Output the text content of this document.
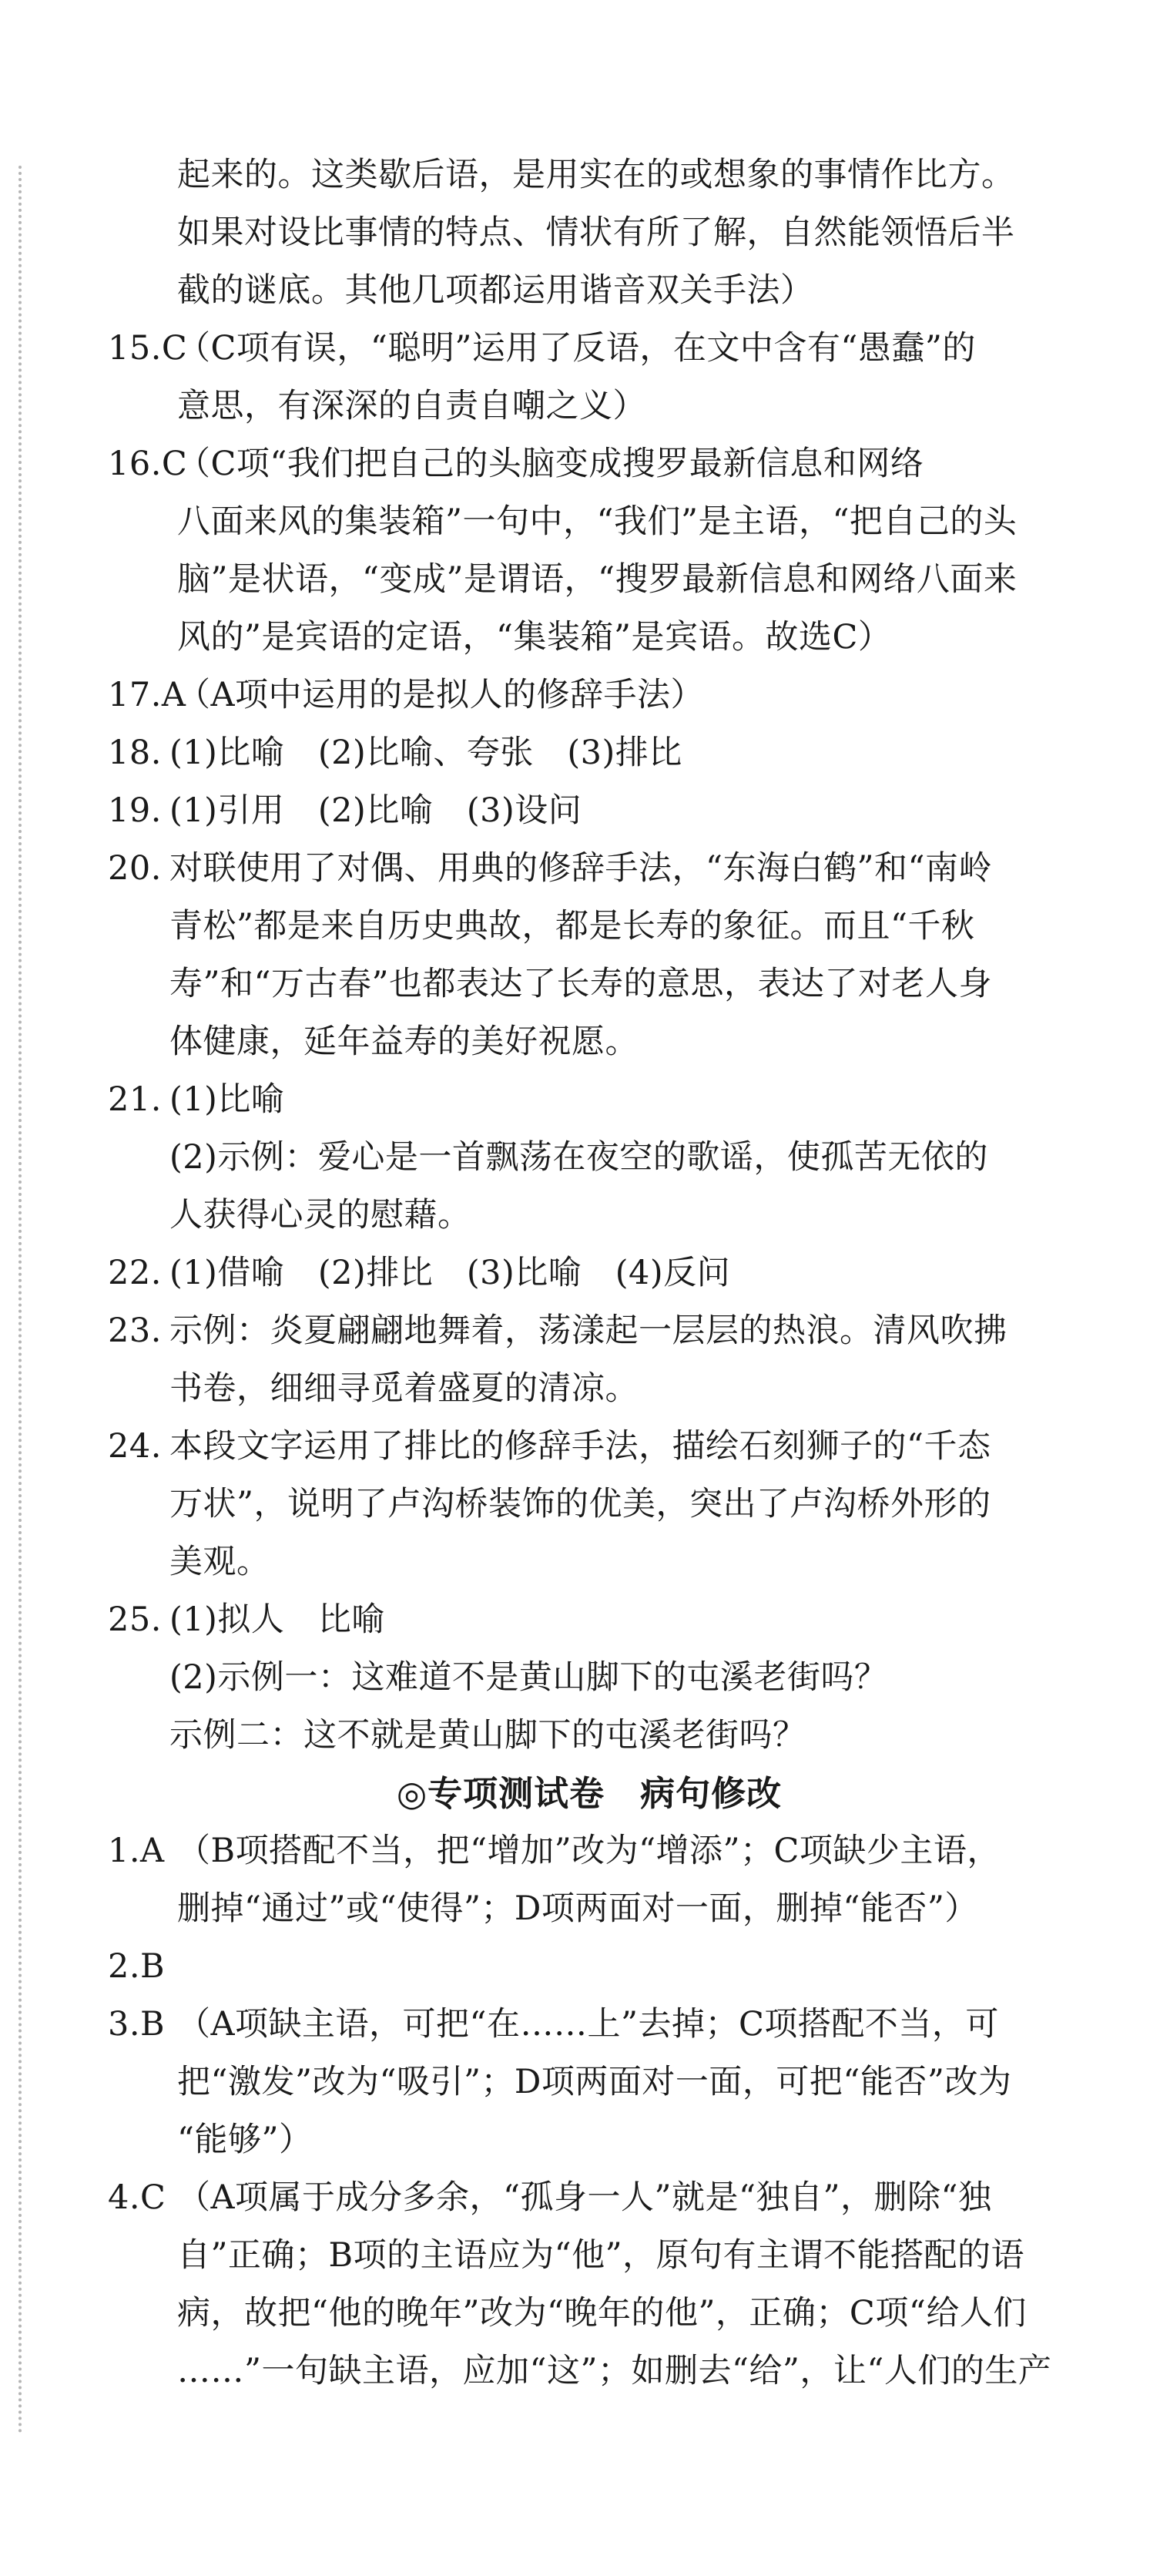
起来的。这类歇后语，是用实在的或想象的事情作比方。
如果对设比事情的特点、情状有所了解，自然能领悟后半
截的谜底。其他几项都运用谐音双关手法）
15.C
（C项有误，“聪明”运用了反语，在文中含有“愚蠢”的
意思，有深深的自责自嘲之义）
16.C
（C项“我们把自己的头脑变成搜罗最新信息和网络
八面来风的集装箱”一句中，“我们”是主语，“把自己的头
脑”是状语，“变成”是谓语，“搜罗最新信息和网络八面来
风的”是宾语的定语，“集装箱”是宾语。故选C）
17.A
（A项中运用的是拟人的修辞手法）
18. (1)比喻　(2)比喻、夸张　(3)排比
19. (1)引用　(2)比喻　(3)设问
20. 对联使用了对偶、用典的修辞手法，“东海白鹤”和“南岭
青松”都是来自历史典故，都是长寿的象征。而且“千秋
寿”和“万古春”也都表达了长寿的意思，表达了对老人身
体健康，延年益寿的美好祝愿。
21. (1)比喻
(2)示例：爱心是一首飘荡在夜空的歌谣，使孤苦无依的
人获得心灵的慰藉。
22. (1)借喻　(2)排比　(3)比喻　(4)反问
23. 示例：炎夏翩翩地舞着，荡漾起一层层的热浪。清风吹拂
书卷，细细寻觅着盛夏的清凉。
24. 本段文字运用了排比的修辞手法，描绘石刻狮子的“千态
万状”，说明了卢沟桥装饰的优美，突出了卢沟桥外形的
美观。
25. (1)拟人　比喻
(2)示例一：这难道不是黄山脚下的屯溪老街吗？
示例二：这不就是黄山脚下的屯溪老街吗？
◎专项测试卷　病句修改
1.A （B项搭配不当，把“增加”改为“增添”；C项缺少主语，
删掉“通过”或“使得”；D项两面对一面，删掉“能否”）
2.B
3.B （A项缺主语，可把“在……上”去掉；C项搭配不当，可
把“激发”改为“吸引”；D项两面对一面，可把“能否”改为
“能够”）
4.C （A项属于成分多余，“孤身一人”就是“独自”，删除“独
自”正确；B项的主语应为“他”，原句有主谓不能搭配的语
病，故把“他的晚年”改为“晚年的他”，正确；C项“给人们
……”一句缺主语，应加“这”；如删去“给”，让“人们的生产
